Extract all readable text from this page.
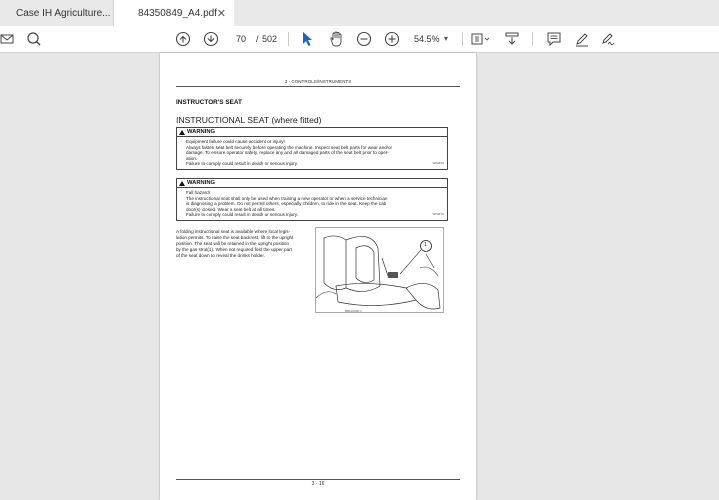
Case IH Agriculture...	84350849_A4.pdf ✕
70	/ 502	54.5% ▾
3 - CONTROLS/INSTRUMENTS
INSTRUCTOR'S SEAT
INSTRUCTIONAL SEAT (where fitted)
WARNING
Equipment failure could cause accident or injury!
Always fasten seat belt securely before operating the machine. Inspect seat belt parts for wear and/or
damage. To ensure operator safety, replace any and all damaged parts of the seat belt prior to oper-
ation.
Failure to comply could result in death or serious injury.	W0046A
WARNING
Fall hazard!
The instructional seat shall only be used when training a new operator or when a service technician
is diagnosing a problem. Do not permit others, especially children, to ride in the seat. Keep the cab
door(s) closed. Wear a seat belt at all times.
Failure to comply could result in death or serious injury.	W0367A
A folding instructional seat is available where local legis-
lation permits. To raise the seat backrest, lift to the upright
position. The seat will be retained in the upright position
by the gas strut(1). When not required fold the upper part
of the seat down to reveal the drinks holder.
1
BRF10000 1
3 - 16
